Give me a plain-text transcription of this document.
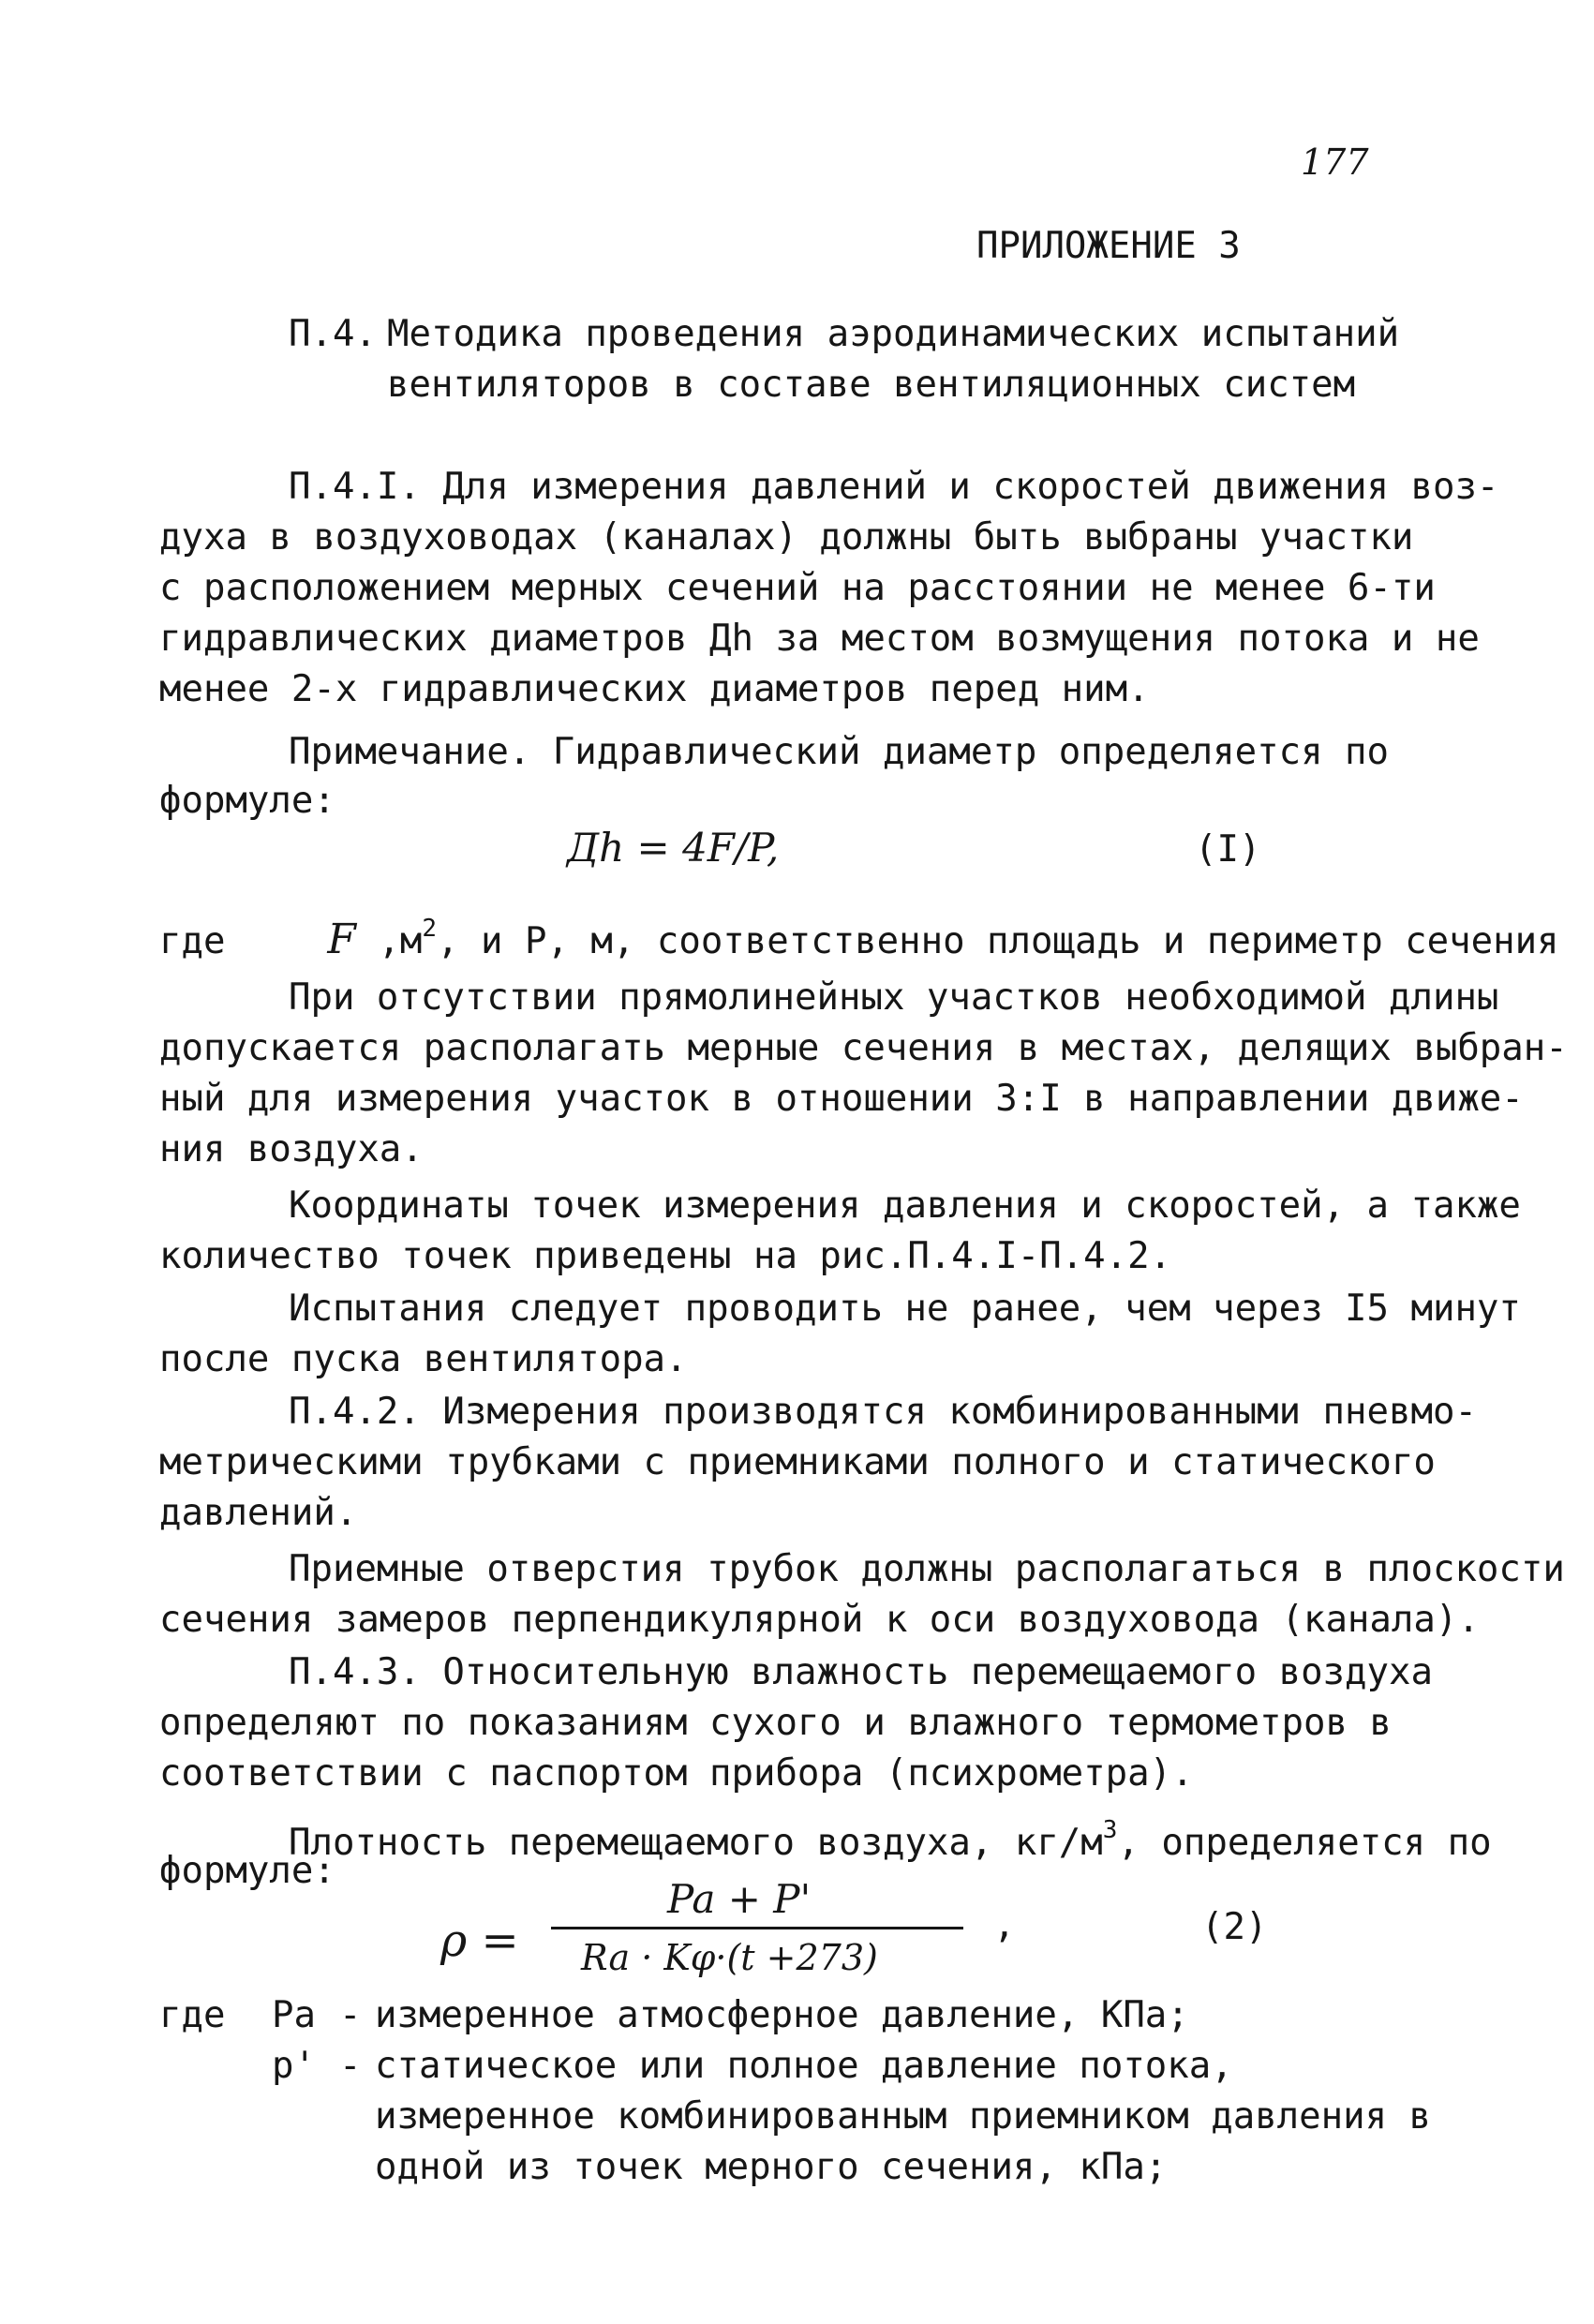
177
ПРИЛОЖЕНИЕ 3
П.4. Методика проведения аэродинамических испытаний
вентиляторов в составе вентиляционных систем
П.4.I. Для измерения давлений и скоростей движения воз-
духа в воздуховодах (каналах) должны быть выбраны участки
с расположением мерных сечений на расстоянии не менее 6-ти
гидравлических диаметров Дh за местом возмущения потока и не
менее 2-х гидравлических диаметров перед ним.
Примечание. Гидравлический диаметр определяется по
формуле:
Дh = 4F/P,	(I)
где F $,м^2$, и Р, м, соответственно площадь и периметр сечения
При отсутствии прямолинейных участков необходимой длины
допускается располагать мерные сечения в местах, делящих выбран-
ный для измерения участок в отношении 3:I в направлении движе-
ния воздуха.
Координаты точек измерения давления и скоростей, а также
количество точек приведены на рис.П.4.I-П.4.2.
Испытания следует проводить не ранее, чем через I5 минут
после пуска вентилятора.
П.4.2. Измерения производятся комбинированными пневмо-
метрическими трубками с приемниками полного и статического
давлений.
Приемные отверстия трубок должны располагаться в плоскости
сечения замеров перпендикулярной к оси воздуховода (канала).
П.4.3. Относительную влажность перемещаемого воздуха
определяют по показаниям сухого и влажного термометров в
соответствии с паспортом прибора (психрометра).
Плотность перемещаемого воздуха, $кг/м^3$, определяется по
формуле:
ρ =
Pa + P'
Ra · Kφ·(t +273)
,	(2)
где Ра - измеренное атмосферное давление, КПа;
р' - статическое или полное давление потока,
измеренное комбинированным приемником давления в
одной из точек мерного сечения, кПа;
